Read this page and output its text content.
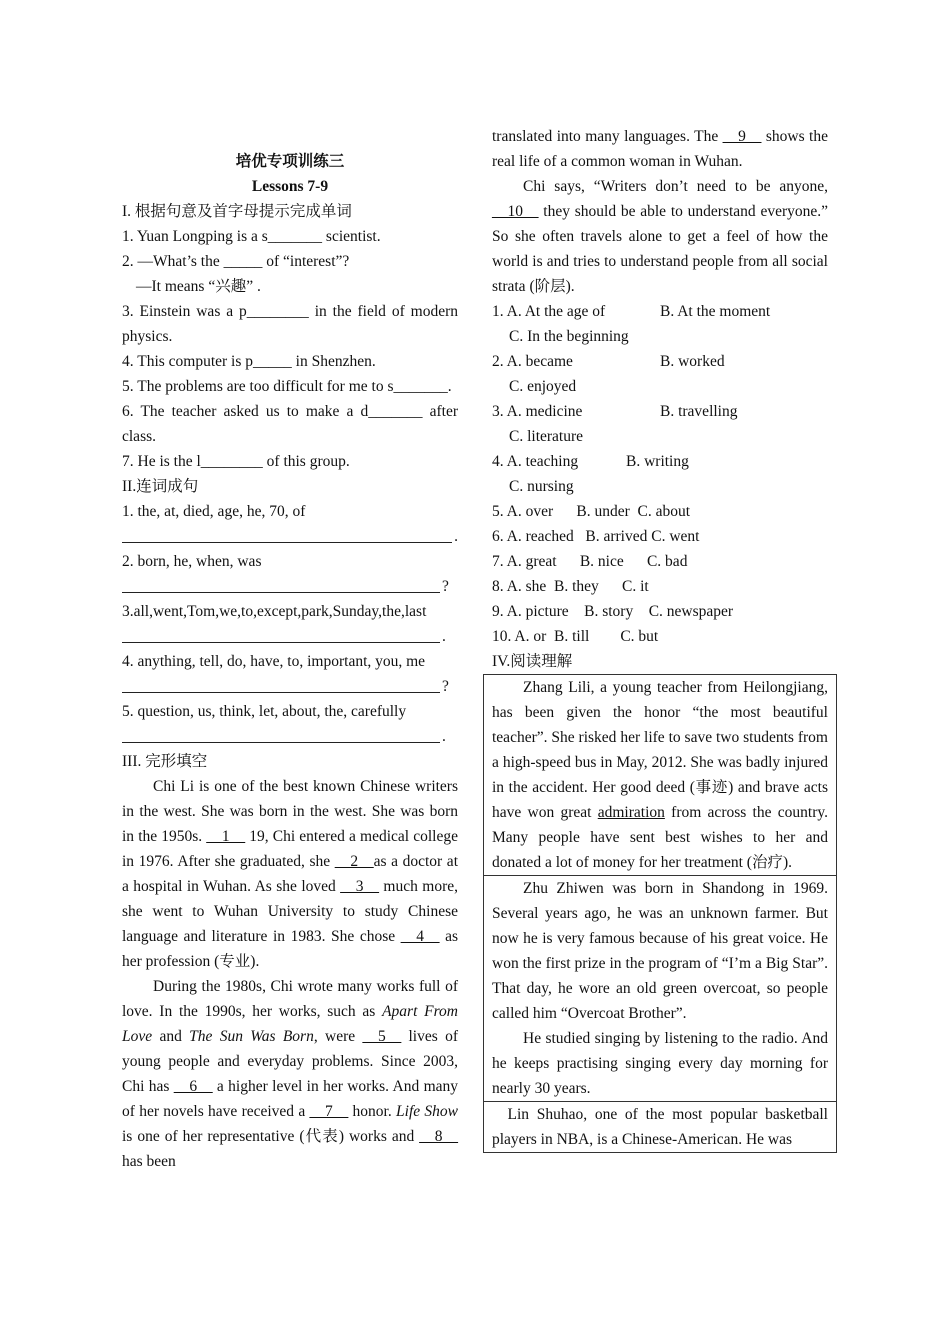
培优专项训练三

Lessons 7-9

I. 根据句意及首字母提示完成单词

1. Yuan Longping is a s_______ scientist.

2. —What’s the _____ of “interest”?

—It means “兴趣” .

3. Einstein was a p________ in the field of modern physics.

4. This computer is p_____ in Shenzhen.

5. The problems are too difficult for me to s_______.

6. The teacher asked us to make a d_______ after class.

7. He is the l________ of this group.

II.连词成句

1. the, at, died, age, he, 70, of

.

2. born, he, when, was

?

3.all,went,Tom,we,to,except,park,Sunday,the,last

.

4. anything, tell, do, have, to, important, you, me

?

5. question, us, think, let, about, the, carefully

.

III. 完形填空

Chi Li is one of the best known Chinese writers in the west. She was born in the west. She was born in the 1950s. __1__ 19, Chi entered a medical college in 1976. After she graduated, she __2__as a doctor at a hospital in Wuhan. As she loved __3__ much more, she went to Wuhan University to study Chinese language and literature in 1983. She chose __4__ as her profession (专业).

During the 1980s, Chi wrote many works full of love. In the 1990s, her works, such as Apart From Love and The Sun Was Born, were __5__ lives of young people and everyday problems. Since 2003, Chi has __6__ a higher level in her works. And many of her novels have received a __7__ honor. Life Show is one of her representative (代表) works and __8__ has been

translated into many languages. The __9__ shows the real life of a common woman in Wuhan.

Chi says, “Writers don’t need to be anyone, __10__ they should be able to understand everyone.” So she often travels alone to get a feel of how the world is and tries to understand people from all social strata (阶层).

1. A. At the age of	B. At the moment

C. In the beginning

2. A. became	B. worked

C. enjoyed

3. A. medicine	B. travelling

C. literature

4. A. teaching	B. writing

C. nursing

5. A. over      B. under  C. about

6. A. reached   B. arrived C. went

7. A. great      B. nice      C. bad

8. A. she  B. they      C. it

9. A. picture    B. story    C. newspaper

10. A. or  B. till        C. but

IV.阅读理解

Zhang Lili, a young teacher from Heilongjiang, has been given the honor “the most beautiful teacher”. She risked her life to save two students from a high-speed bus in May, 2012. She was badly injured in the accident. Her good deed (事迹) and brave acts have won great admiration from across the country. Many people have sent best wishes to her and donated a lot of money for her treatment (治疗).

Zhu Zhiwen was born in Shandong in 1969. Several years ago, he was an unknown farmer. But now he is very famous because of his great voice. He won the first prize in the program of “I’m a Big Star”. That day, he wore an old green overcoat, so people called him “Overcoat Brother”.

He studied singing by listening to the radio. And he keeps practising singing every day morning for nearly 30 years.

Lin Shuhao, one of the most popular basketball players in NBA, is a Chinese-American. He was
